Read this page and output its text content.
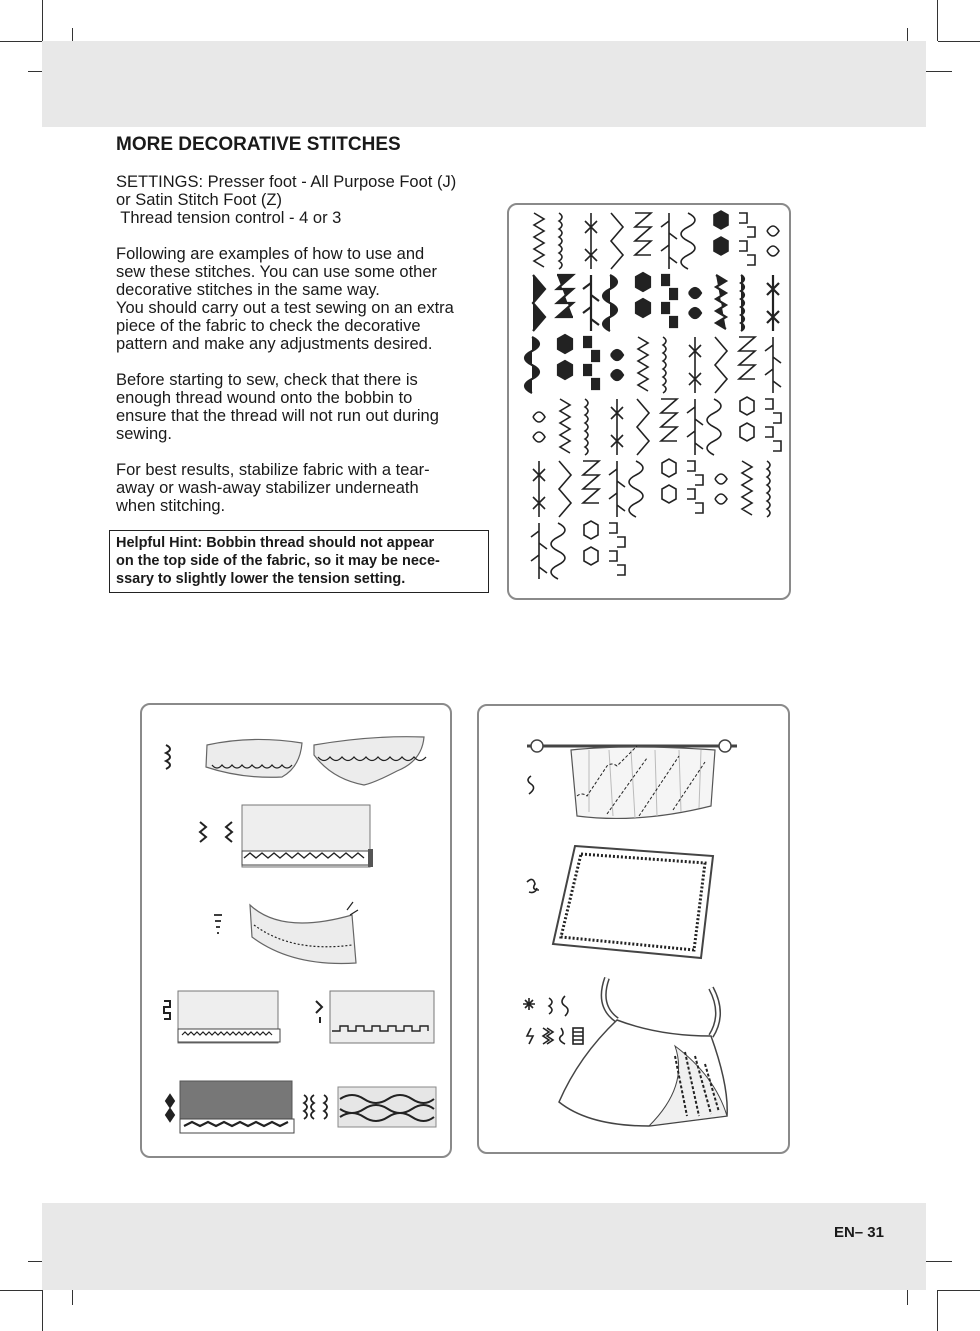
EN– 31
MORE DECORATIVE STITCHES

SETTINGS: Presser foot - All Purpose Foot (J)
or Satin Stitch Foot (Z)
Thread tension control - 4 or 3

Following are examples of how to use and
sew these stitches. You can use some other
decorative stitches in the same way.
You should carry out a test sewing on an extra
piece of the fabric to check the decorative
pattern and make any adjustments desired.

Before starting to sew, check that there is
enough thread wound onto the bobbin to
ensure that the thread will not run out during
sewing.

For best results, stabilize fabric with a tear-
away or wash-away stabilizer underneath
when stitching.

Helpful Hint: Bobbin thread should not appear
on the top side of the fabric, so it may be nece-
ssary to slightly lower the tension setting.
